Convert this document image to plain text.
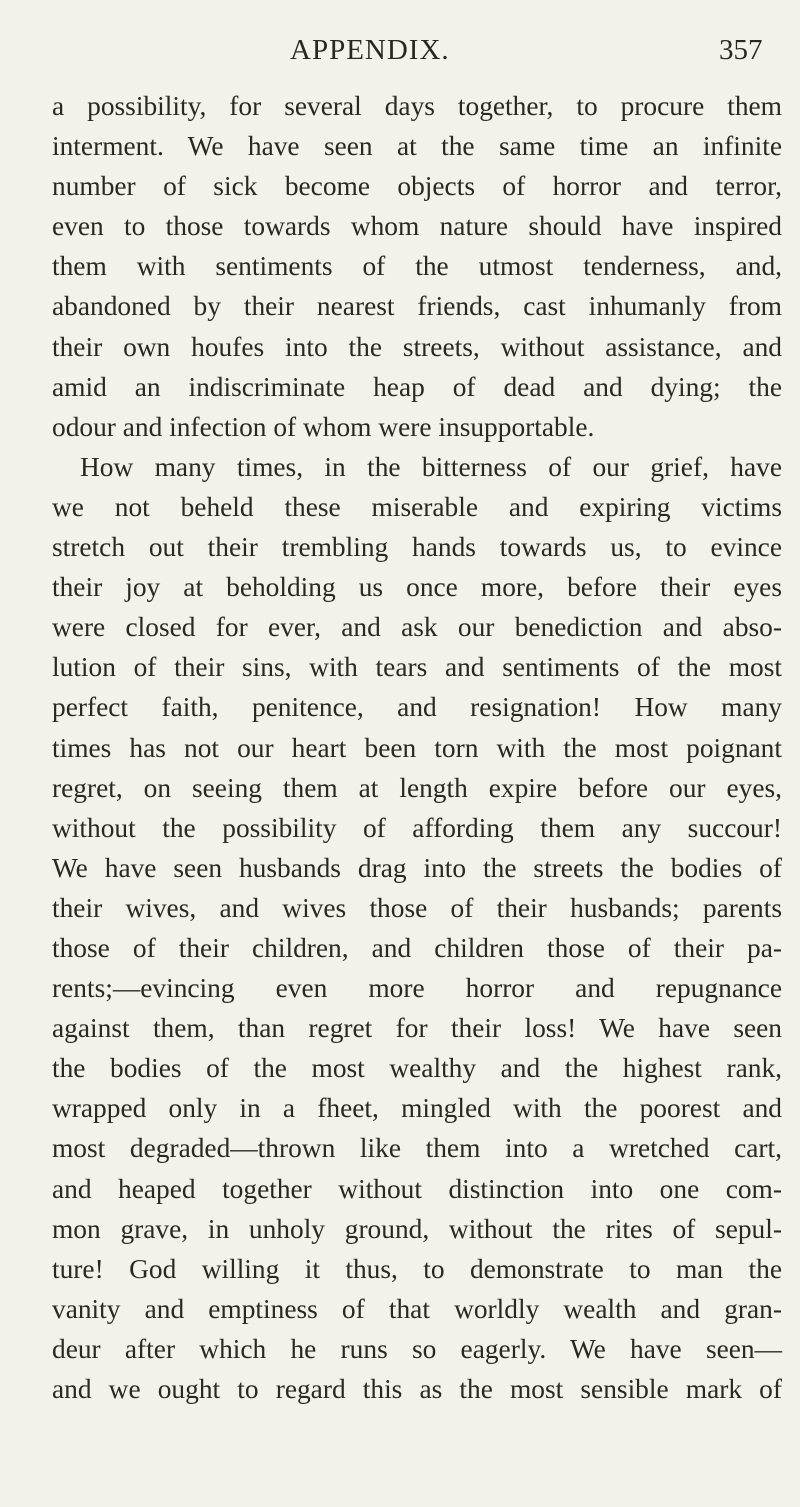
APPENDIX.	357
a possibility, for several days together, to procure them
interment. We have seen at the same time an infinite
number of sick become objects of horror and terror,
even to those towards whom nature should have inspired
them with sentiments of the utmost tenderness, and,
abandoned by their nearest friends, cast inhumanly from
their own houfes into the streets, without assistance, and
amid an indiscriminate heap of dead and dying; the
odour and infection of whom were insupportable.
How many times, in the bitterness of our grief, have
we not beheld these miserable and expiring victims
stretch out their trembling hands towards us, to evince
their joy at beholding us once more, before their eyes
were closed for ever, and ask our benediction and abso-
lution of their sins, with tears and sentiments of the most
perfect faith, penitence, and resignation! How many
times has not our heart been torn with the most poignant
regret, on seeing them at length expire before our eyes,
without the possibility of affording them any succour!
We have seen husbands drag into the streets the bodies of
their wives, and wives those of their husbands; parents
those of their children, and children those of their pa-
rents;—evincing even more horror and repugnance
against them, than regret for their loss! We have seen
the bodies of the most wealthy and the highest rank,
wrapped only in a fheet, mingled with the poorest and
most degraded—thrown like them into a wretched cart,
and heaped together without distinction into one com-
mon grave, in unholy ground, without the rites of sepul-
ture! God willing it thus, to demonstrate to man the
vanity and emptiness of that worldly wealth and gran-
deur after which he runs so eagerly. We have seen—
and we ought to regard this as the most sensible mark of
